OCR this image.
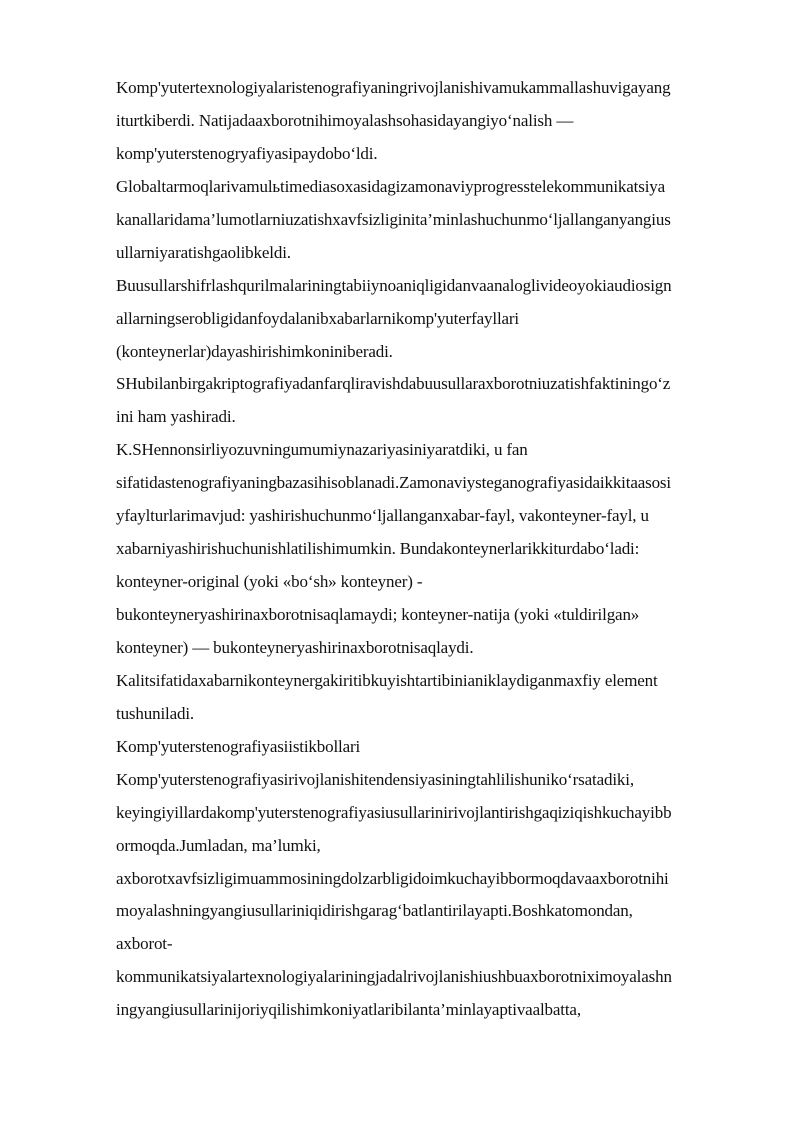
Komp'yutertexnologiyalaristenografiyaningrivojlanishivamukammallashuvigayang
iturtkiberdi. Natijadaaxborotnihimoyalashsohasidayangiyo‘nalish —
komp'yuterstenogryafiyasipaydobo‘ldi.
Globaltarmoqlarivamulьtimediasoxasidagizamonaviyprogresstelekommunikatsiya
kanallaridama’lumotlarniuzatishxavfsizliginita’minlashuchunmo‘ljallanganyangius
ullarniyaratishgaolibkeldi.
Buusullarshifrlashqurilmalariningtabiiynoaniqligidanvaanaloglivideoyokiaudiosign
allarningserobligidanfoydalanibxabarlarnikomp'yuterfayllari
(konteynerlar)dayashirishimkoniniberadi.
SHubilanbirgakriptografiyadanfarqliravishdabuusullaraxborotniuzatishfaktiningo‘z
ini ham yashiradi.
K.SHennonsirliyozuvningumumiynazariyasiniyaratdiki, u fan
sifatidastenografiyaningbazasihisoblanadi.Zamonaviysteganografiyasidaikkitaasosi
yfaylturlarimavjud: yashirishuchunmo‘ljallanganxabar-fayl, vakonteyner-fayl, u
xabarniyashirishuchunishlatilishimumkin. Bundakonteynerlarikkiturdabo‘ladi:
konteyner-original (yoki «bo‘sh» konteyner) -
bukonteyneryashirinaxborotnisaqlamaydi; konteyner-natija (yoki «tuldirilgan»
konteyner) — bukonteyneryashirinaxborotnisaqlaydi.
Kalitsifatidaxabarnikonteynergakiritibkuyishtartibinianiklaydiganmaxfiy element
tushuniladi.
Komp'yuterstenografiyasiistikbollari
Komp'yuterstenografiyasirivojlanishitendensiyasiningtahlilishuniko‘rsatadiki,
keyingiyillardakomp'yuterstenografiyasiusullarinirivojlantirishgaqiziqishkuchayibb
ormoqda.Jumladan, ma’lumki,
axborotxavfsizligimuammosiningdolzarbligidoimkuchayibbormoqdavaaxborotnihi
moyalashningyangiusullariniqidirishgarag‘batlantirilayapti.Boshkatomondan,
axborot-
kommunikatsiyalartexnologiyalariningjadalrivojlanishiushbuaxborotniximoyalashn
ingyangiusullarinijoriyqilishimkoniyatlaribilanta’minlayaptivaalbatta,
